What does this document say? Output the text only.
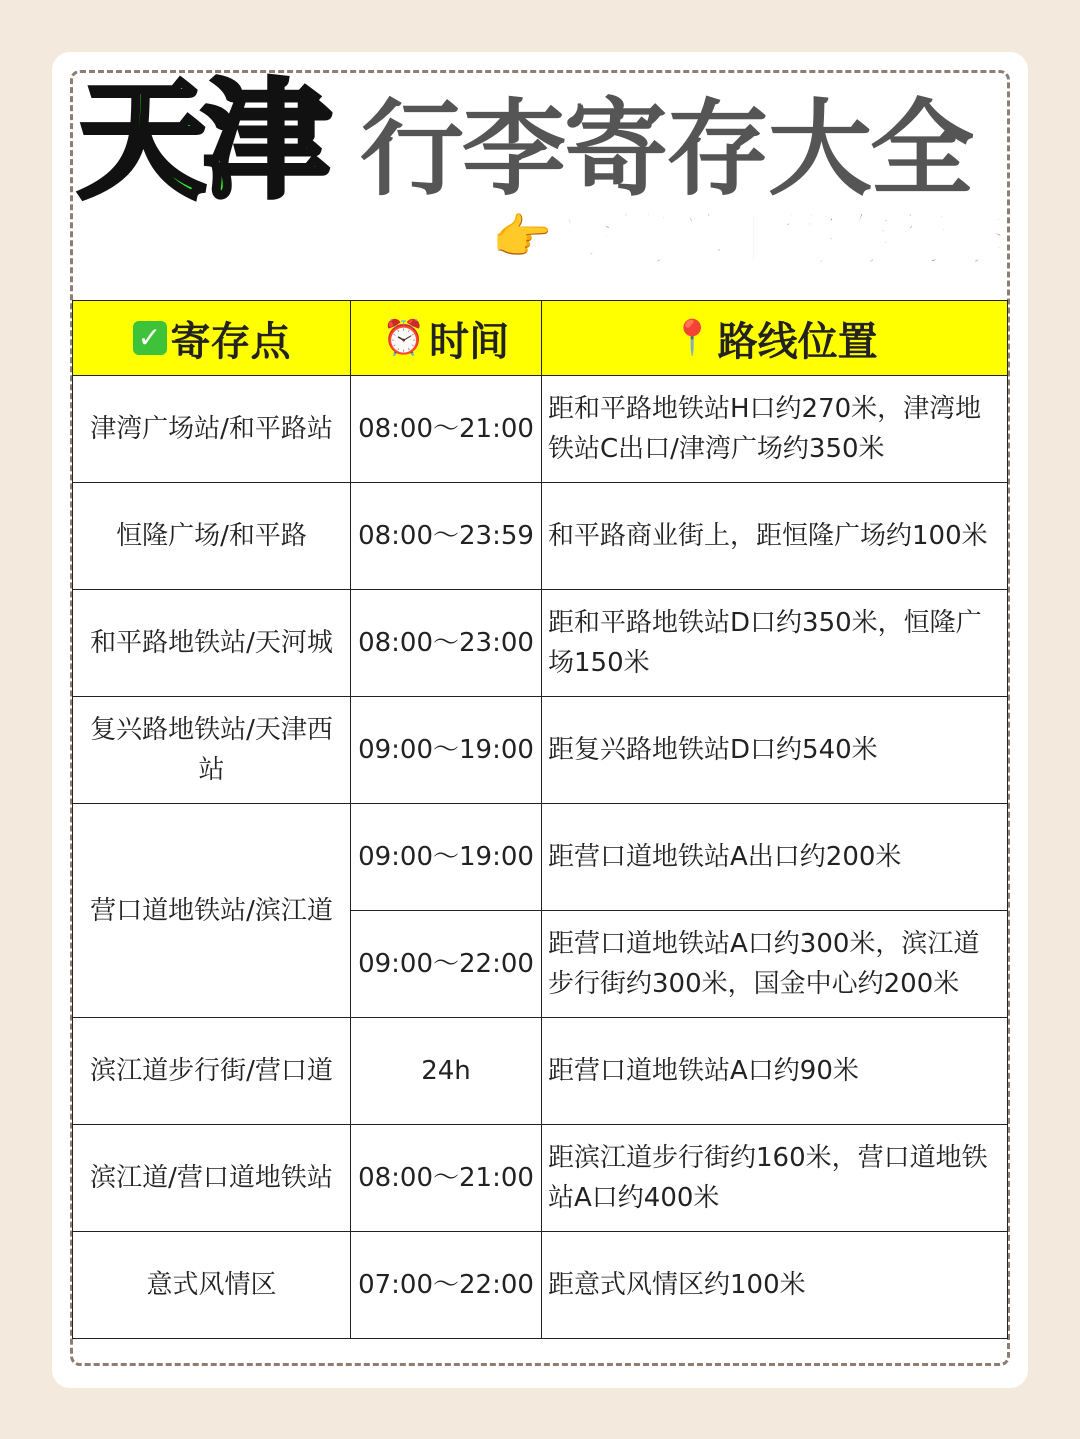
天津 行李寄存大全
👉 途简单丨寄存行李
✓ 寄存点	⏰ 时间	📍 路线位置

津湾广场站/和平路站	08:00～21:00	距和平路地铁站H口约270米，津湾地铁站C出口/津湾广场约350米
恒隆广场/和平路	08:00～23:59	和平路商业街上，距恒隆广场约100米
和平路地铁站/天河城	08:00～23:00	距和平路地铁站D口约350米，恒隆广场150米
复兴路地铁站/天津西站	09:00～19:00	距复兴路地铁站D口约540米
营口道地铁站/滨江道	09:00～19:00	距营口道地铁站A出口约200米
	09:00～22:00	距营口道地铁站A口约300米，滨江道步行街约300米，国金中心约200米
滨江道步行街/营口道	24h	距营口道地铁站A口约90米
滨江道/营口道地铁站	08:00～21:00	距滨江道步行街约160米，营口道地铁站A口约400米
意式风情区	07:00～22:00	距意式风情区约100米
